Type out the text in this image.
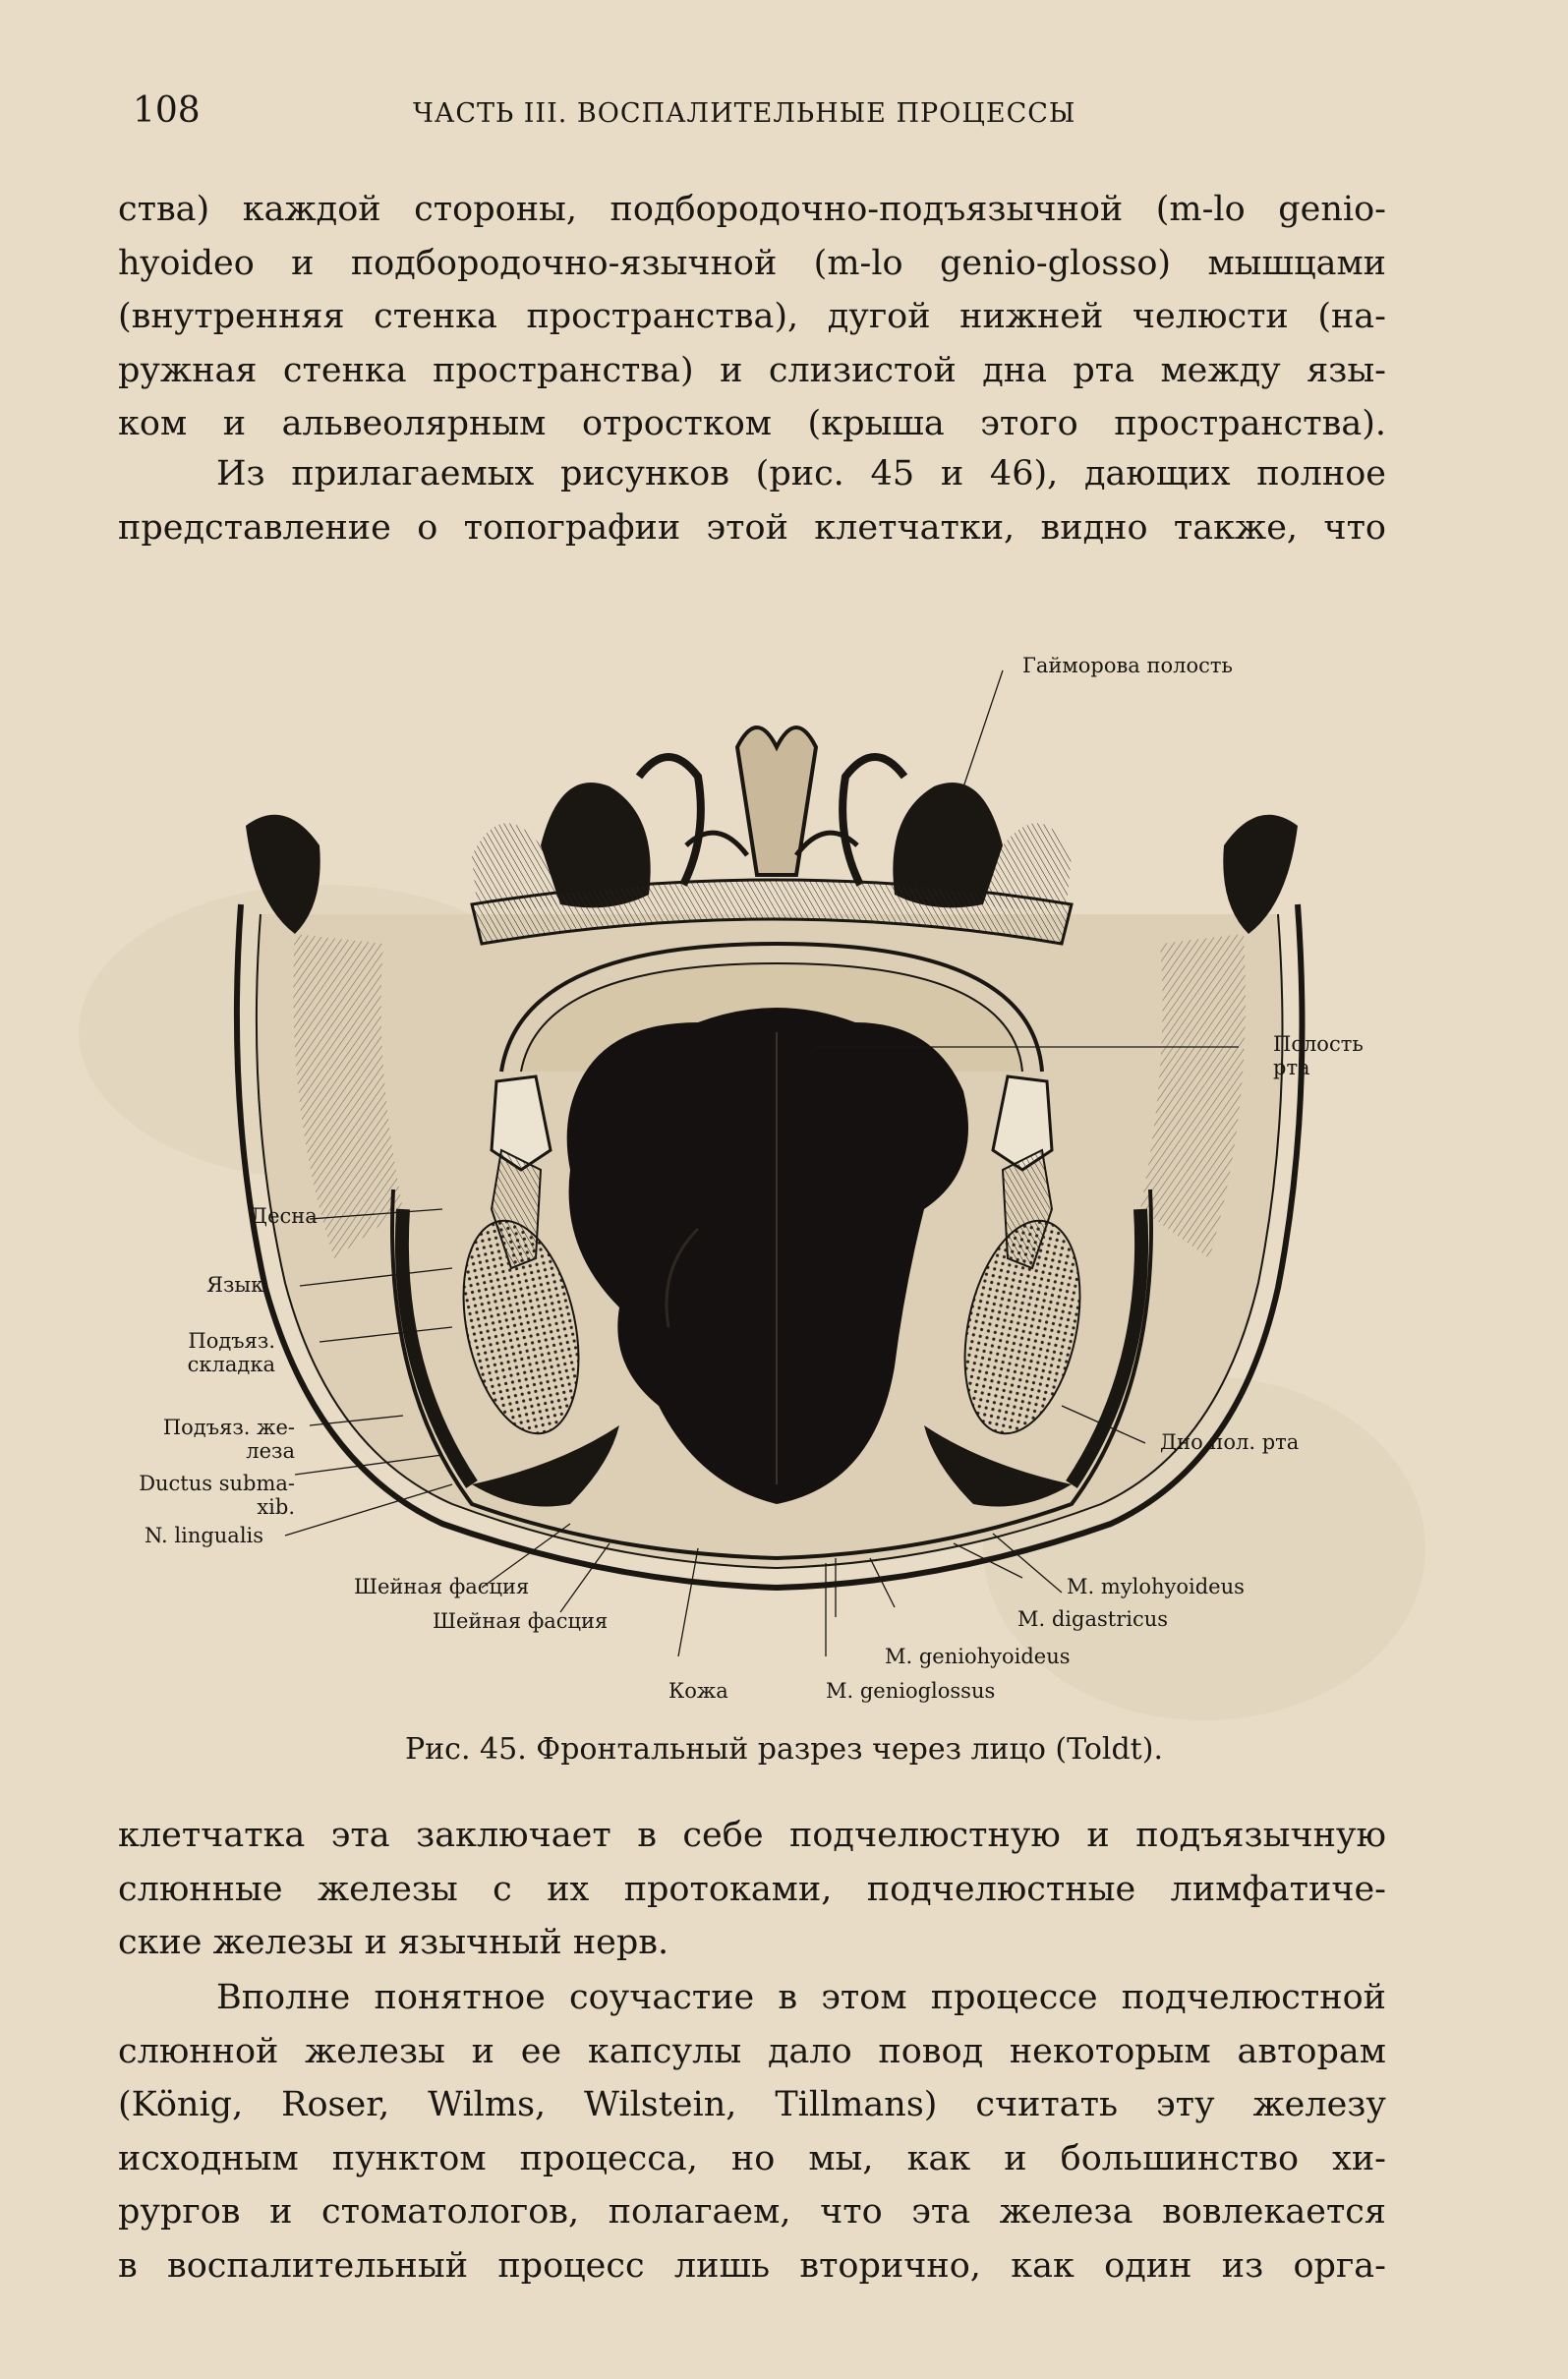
108	ЧАСТЬ III. ВОСПАЛИТЕЛЬНЫЕ ПРОЦЕССЫ
ства) каждой стороны, подбородочно-подъязычной (m-lo genio-
hyoideo и подбородочно-язычной (m-lo genio-glosso) мышцами
(внутренняя стенка пространства), дугой нижней челюсти (на-
ружная стенка пространства) и слизистой дна рта между язы-
ком и альвеолярным отростком (крыша этого пространства).
Из прилагаемых рисунков (рис. 45 и 46), дающих полное
представление о топографии этой клетчатки, видно также, что
Гайморова полость
Полость
рта
Десна
Язык
Подъяз.
складка
Подъяз. же-
леза
Ductus subma-
xib.
N. lingualis
Дно пол. рта
Шейная фасция
Шейная фасция
M. mylohyoideus
M. digastricus
M. geniohyoideus
Кожа	M. genioglossus
Рис. 45. Фронтальный разрез через лицо (Toldt).
клетчатка эта заключает в себе подчелюстную и подъязычную
слюнные железы с их протоками, подчелюстные лимфатиче-
ские железы и язычный нерв.
Вполне понятное соучастие в этом процессе подчелюстной
слюнной железы и ее капсулы дало повод некоторым авторам
(König, Roser, Wilms, Wilstein, Tillmans) считать эту железу
исходным пунктом процесса, но мы, как и большинство хи-
рургов и стоматологов, полагаем, что эта железа вовлекается
в воспалительный процесс лишь вторично, как один из орга-
